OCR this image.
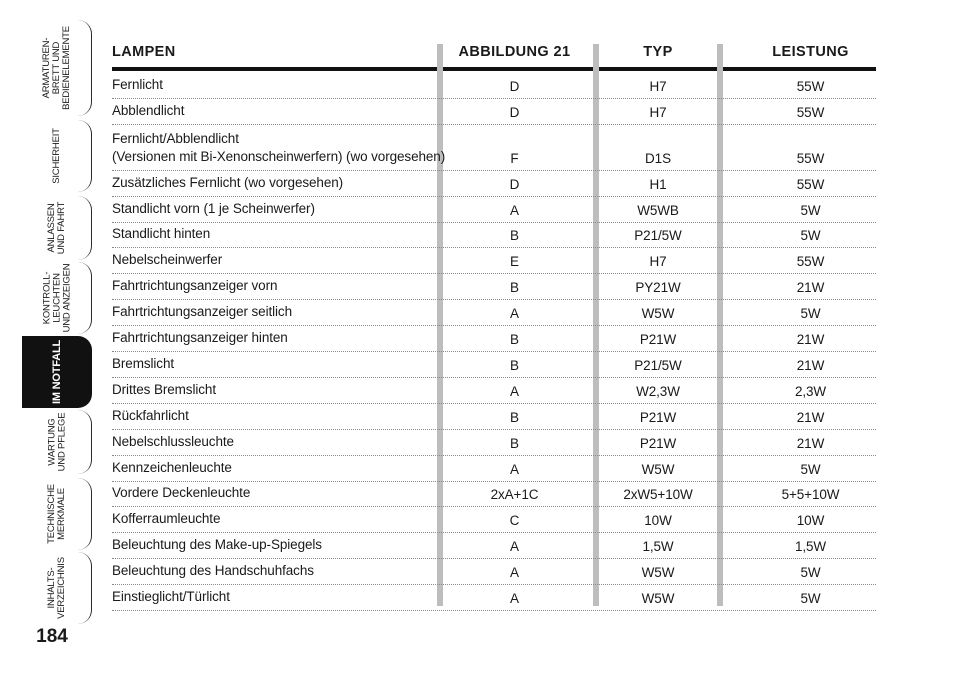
ARMATUREN-
BRETT UND
BEDIENELEMENTE
SICHERHEIT
ANLASSEN
UND FAHRT
KONTROLL-
LEUCHTEN
UND ANZEIGEN
IM NOTFALL
WARTUNG
UND PFLEGE
TECHNISCHE
MERKMALE
INHALTS-
VERZEICHNIS
184
LAMPEN	ABBILDUNG 21	TYP	LEISTUNG
Fernlicht	D	H7	55W
Abblendlicht	D	H7	55W
Fernlicht/Abblendlicht
(Versionen mit Bi-Xenonscheinwerfern) (wo vorgesehen)	F	D1S	55W
Zusätzliches Fernlicht (wo vorgesehen)	D	H1	55W
Standlicht vorn (1 je Scheinwerfer)	A	W5WB	5W
Standlicht hinten	B	P21/5W	5W
Nebelscheinwerfer	E	H7	55W
Fahrtrichtungsanzeiger vorn	B	PY21W	21W
Fahrtrichtungsanzeiger seitlich	A	W5W	5W
Fahrtrichtungsanzeiger hinten	B	P21W	21W
Bremslicht	B	P21/5W	21W
Drittes Bremslicht	A	W2,3W	2,3W
Rückfahrlicht	B	P21W	21W
Nebelschlussleuchte	B	P21W	21W
Kennzeichenleuchte	A	W5W	5W
Vordere Deckenleuchte	2xA+1C	2xW5+10W	5+5+10W
Kofferraumleuchte	C	10W	10W
Beleuchtung des Make-up-Spiegels	A	1,5W	1,5W
Beleuchtung des Handschuhfachs	A	W5W	5W
Einstieglicht/Türlicht	A	W5W	5W
